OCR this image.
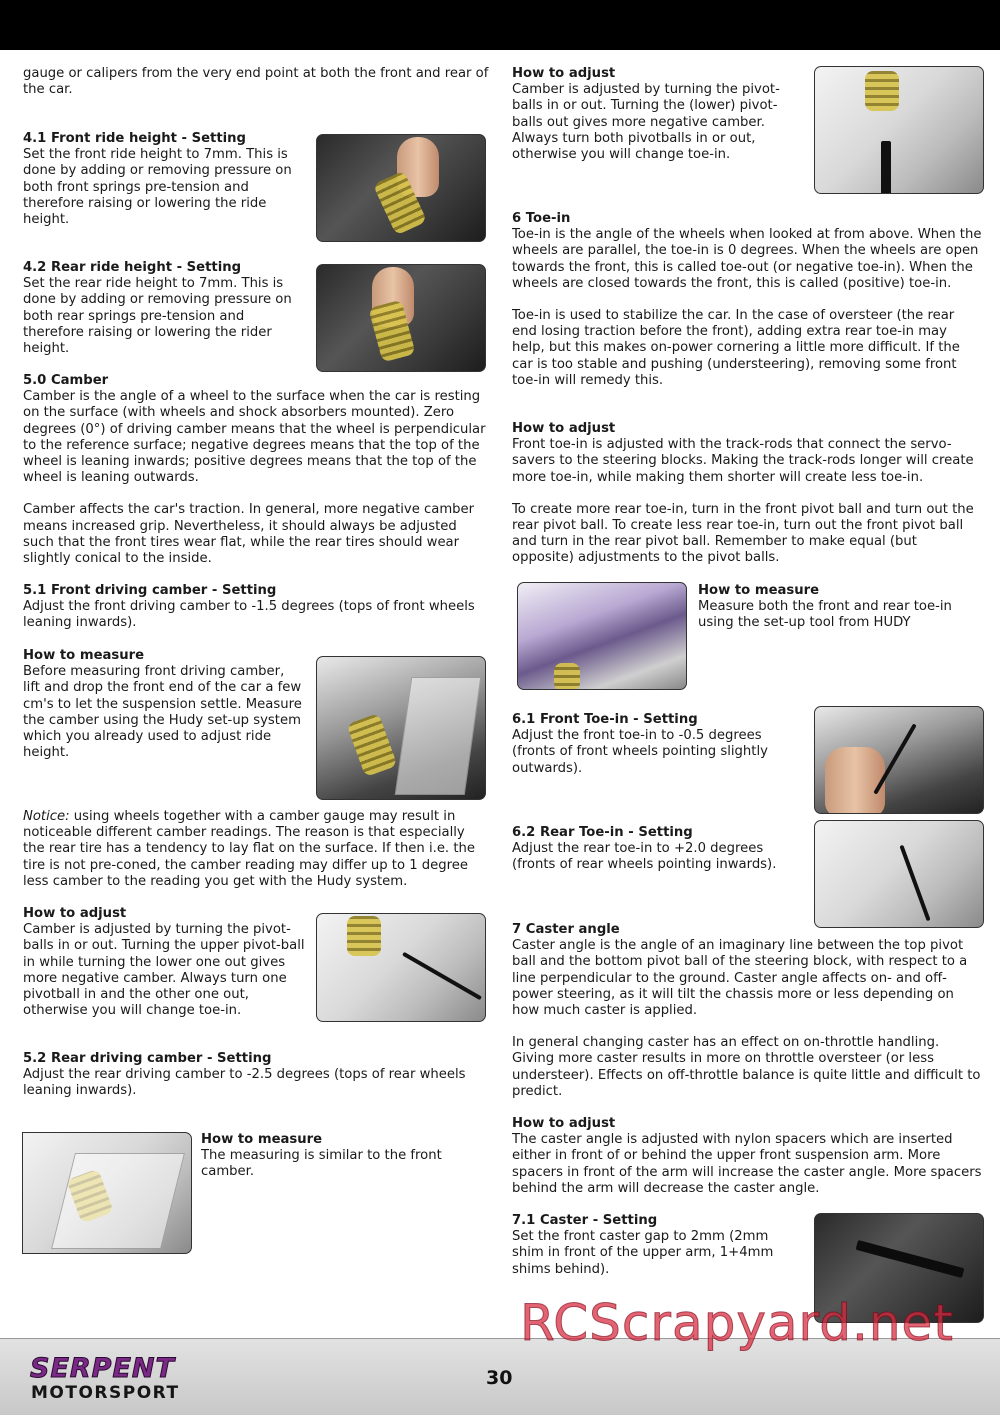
gauge or calipers from the very end point at both the front and rear of the car.

4.1 Front ride height - Setting

Set the front ride height to 7mm. This is done by adding or removing pressure on both front springs pre-tension and therefore raising or lowering the ride height.

4.2 Rear ride height - Setting

Set the rear ride height to 7mm. This is done by adding or removing pressure on both rear springs pre-tension and therefore raising or lowering the rider height.

5.0 Camber

Camber is the angle of a wheel to the surface when the car is resting on the surface (with wheels and shock absorbers mounted). Zero degrees (0°) of driving camber means that the wheel is perpendicular to the reference surface; negative degrees means that the top of the wheel is leaning inwards; positive degrees means that the top of the wheel is leaning outwards.

Camber affects the car's traction. In general, more negative camber means increased grip. Nevertheless, it should always be adjusted such that the front tires wear flat, while the rear tires should wear slightly conical to the inside.

5.1 Front driving camber - Setting

Adjust the front driving camber to -1.5 degrees (tops of front wheels leaning inwards).

How to measure

Before measuring front driving camber, lift and drop the front end of the car a few cm's to let the suspension settle. Measure the camber using the Hudy set-up system which you already used to adjust ride height.

Notice: using wheels together with a camber gauge may result in noticeable different camber readings. The reason is that especially the rear tire has a tendency to lay flat on the surface. If then i.e. the tire is not pre-coned, the camber reading may differ up to 1 degree less camber to the reading you get with the Hudy system.

How to adjust

Camber is adjusted by turning the pivot-balls in or out. Turning the upper pivot-ball in while turning the lower one out gives more negative camber. Always turn one pivotball in and the other one out, otherwise you will change toe-in.

5.2 Rear driving camber - Setting

Adjust the rear driving camber to -2.5 degrees (tops of rear wheels leaning inwards).

How to measure

The measuring is similar to the front camber.

How to adjust

Camber is adjusted by turning the pivot-balls in or out. Turning the (lower) pivot-balls out gives more negative camber. Always turn both pivotballs in or out, otherwise you will change toe-in.

6 Toe-in

Toe-in is the angle of the wheels when looked at from above. When the wheels are parallel, the toe-in is 0 degrees. When the wheels are open towards the front, this is called toe-out (or negative toe-in). When the wheels are closed towards the front, this is called (positive) toe-in.

Toe-in is used to stabilize the car. In the case of oversteer (the rear end losing traction before the front), adding extra rear toe-in may help, but this makes on-power cornering a little more difficult. If the car is too stable and pushing (understeering), removing some front toe-in will remedy this.

How to adjust

Front toe-in is adjusted with the track-rods that connect the servo-savers to the steering blocks. Making the track-rods longer will create more toe-in, while making them shorter will create less toe-in.

To create more rear toe-in, turn in the front pivot ball and turn out the rear pivot ball. To create less rear toe-in, turn out the front pivot ball and turn in the rear pivot ball. Remember to make equal (but opposite) adjustments to the pivot balls.

How to measure

Measure both the front and rear toe-in using the set-up tool from HUDY

6.1 Front Toe-in - Setting

Adjust the front toe-in to -0.5 degrees (fronts of front wheels pointing slightly outwards).

6.2 Rear Toe-in - Setting

Adjust the rear toe-in to +2.0 degrees (fronts of rear wheels pointing inwards).

7 Caster angle

Caster angle is the angle of an imaginary line between the top pivot ball and the bottom pivot ball of the steering block, with respect to a line perpendicular to the ground. Caster angle affects on- and off-power steering, as it will tilt the chassis more or less depending on how much caster is applied.

In general changing caster has an effect on on-throttle handling. Giving more caster results in more on throttle oversteer (or less understeer). Effects on off-throttle balance is quite little and difficult to predict.

How to adjust

The caster angle is adjusted with nylon spacers which are inserted either in front of or behind the upper front suspension arm. More spacers in front of the arm will increase the caster angle. More spacers behind the arm will decrease the caster angle.

7.1 Caster - Setting

Set the front caster gap to 2mm (2mm shim in front of the upper arm, 1+4mm shims behind).

SERPENT
MOTORSPORT
30
RCScrapyard.net
